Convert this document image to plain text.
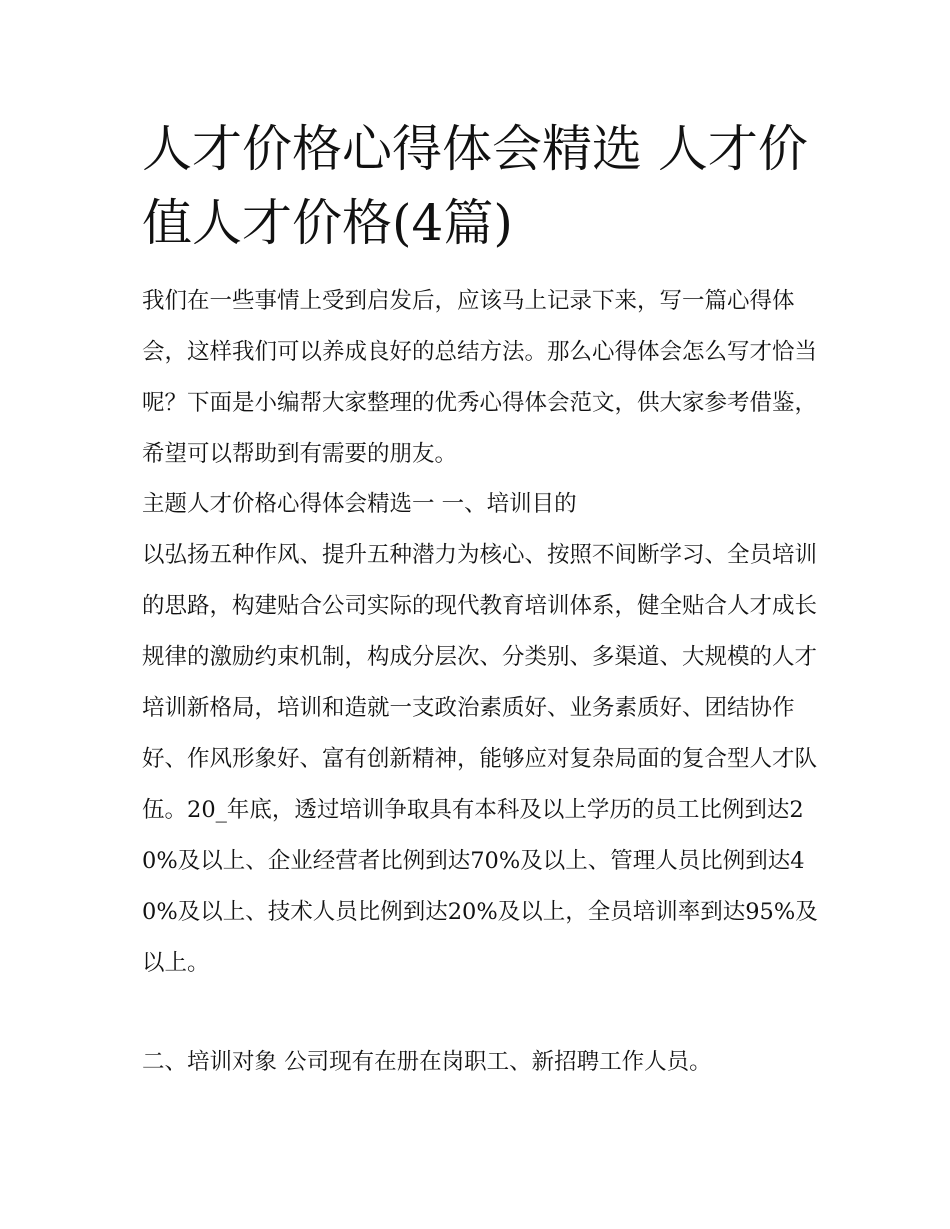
人才价格心得体会精选 人才价值人才价格(4篇)

我们在一些事情上受到启发后，应该马上记录下来，写一篇心得体会，这样我们可以养成良好的总结方法。那么心得体会怎么写才恰当呢？下面是小编帮大家整理的优秀心得体会范文，供大家参考借鉴，希望可以帮助到有需要的朋友。

主题人才价格心得体会精选一 一、培训目的

以弘扬五种作风、提升五种潜力为核心、按照不间断学习、全员培训的思路，构建贴合公司实际的现代教育培训体系，健全贴合人才成长规律的激励约束机制，构成分层次、分类别、多渠道、大规模的人才培训新格局，培训和造就一支政治素质好、业务素质好、团结协作好、作风形象好、富有创新精神，能够应对复杂局面的复合型人才队伍。20_年底，透过培训争取具有本科及以上学历的员工比例到达20%及以上、企业经营者比例到达70%及以上、管理人员比例到达40%及以上、技术人员比例到达20%及以上，全员培训率到达95%及以上。

二、培训对象 公司现有在册在岗职工、新招聘工作人员。
